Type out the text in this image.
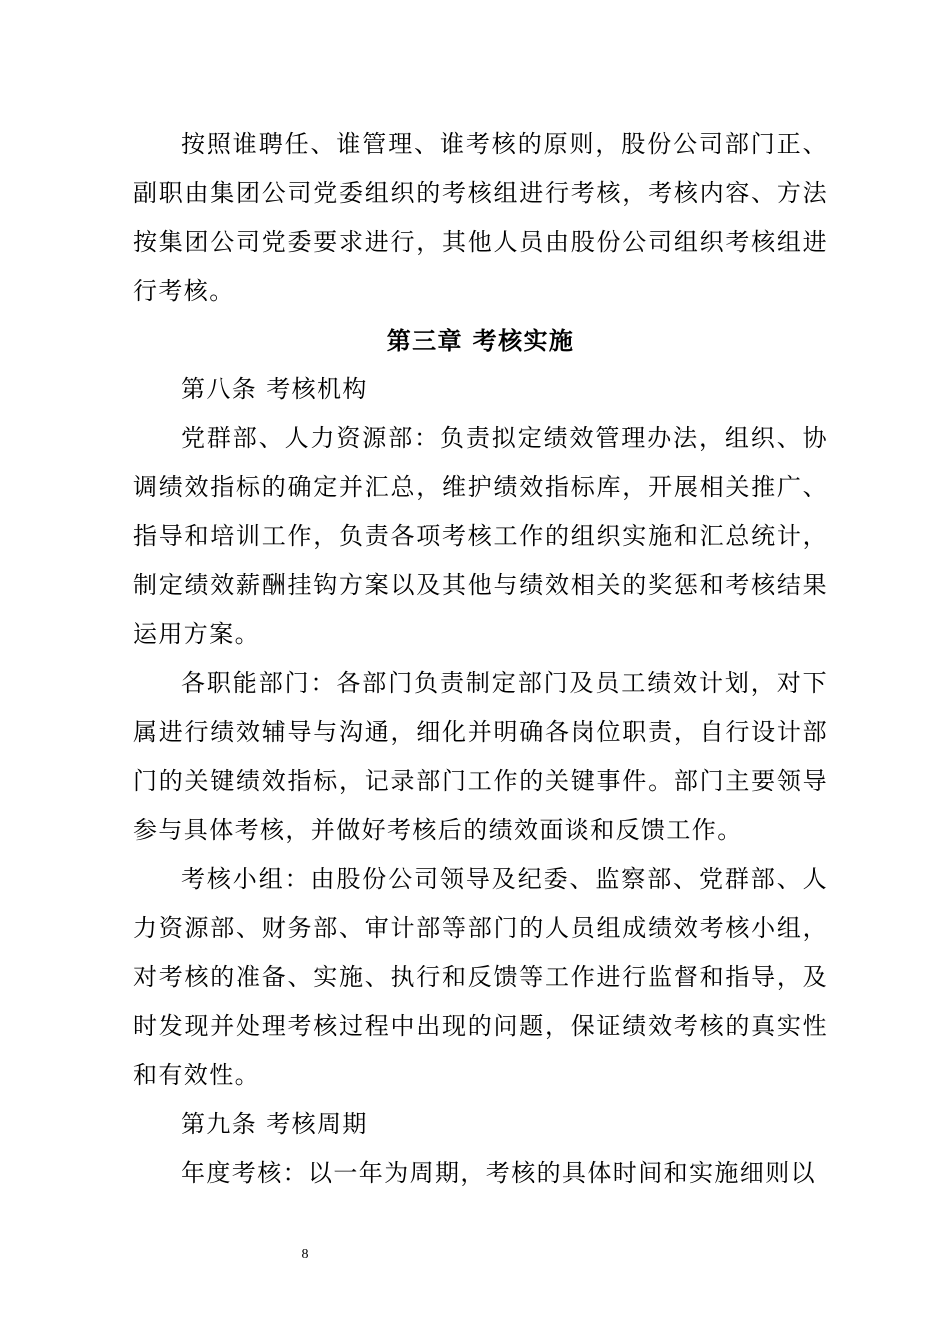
按照谁聘任、谁管理、谁考核的原则，股份公司部门正、副职由集团公司党委组织的考核组进行考核，考核内容、方法按集团公司党委要求进行，其他人员由股份公司组织考核组进行考核。

第三章 考核实施

第八条 考核机构

党群部、人力资源部：负责拟定绩效管理办法，组织、协调绩效指标的确定并汇总，维护绩效指标库，开展相关推广、指导和培训工作，负责各项考核工作的组织实施和汇总统计，制定绩效薪酬挂钩方案以及其他与绩效相关的奖惩和考核结果运用方案。

各职能部门：各部门负责制定部门及员工绩效计划，对下属进行绩效辅导与沟通，细化并明确各岗位职责，自行设计部门的关键绩效指标，记录部门工作的关键事件。部门主要领导参与具体考核，并做好考核后的绩效面谈和反馈工作。

考核小组：由股份公司领导及纪委、监察部、党群部、人力资源部、财务部、审计部等部门的人员组成绩效考核小组，对考核的准备、实施、执行和反馈等工作进行监督和指导，及时发现并处理考核过程中出现的问题，保证绩效考核的真实性和有效性。

第九条 考核周期

年度考核：以一年为周期，考核的具体时间和实施细则以

8
